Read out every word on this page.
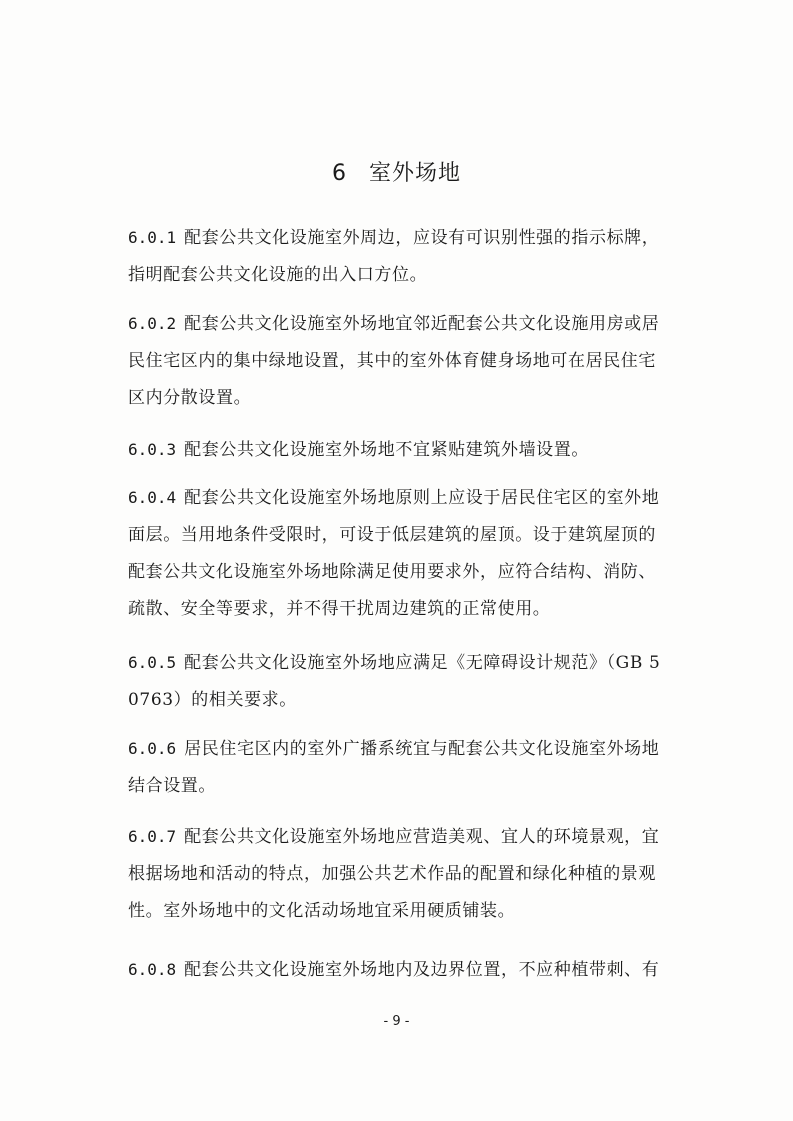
6 室外场地
6.0.1 配套公共文化设施室外周边，应设有可识别性强的指示标牌，指明配套公共文化设施的出入口方位。
6.0.2 配套公共文化设施室外场地宜邻近配套公共文化设施用房或居民住宅区内的集中绿地设置，其中的室外体育健身场地可在居民住宅区内分散设置。
6.0.3 配套公共文化设施室外场地不宜紧贴建筑外墙设置。
6.0.4 配套公共文化设施室外场地原则上应设于居民住宅区的室外地面层。当用地条件受限时，可设于低层建筑的屋顶。设于建筑屋顶的配套公共文化设施室外场地除满足使用要求外，应符合结构、消防、疏散、安全等要求，并不得干扰周边建筑的正常使用。
6.0.5 配套公共文化设施室外场地应满足《无障碍设计规范》（GB 50763）的相关要求。
6.0.6 居民住宅区内的室外广播系统宜与配套公共文化设施室外场地结合设置。
6.0.7 配套公共文化设施室外场地应营造美观、宜人的环境景观，宜根据场地和活动的特点，加强公共艺术作品的配置和绿化种植的景观性。室外场地中的文化活动场地宜采用硬质铺装。
6.0.8 配套公共文化设施室外场地内及边界位置，不应种植带刺、有
- 9 -
